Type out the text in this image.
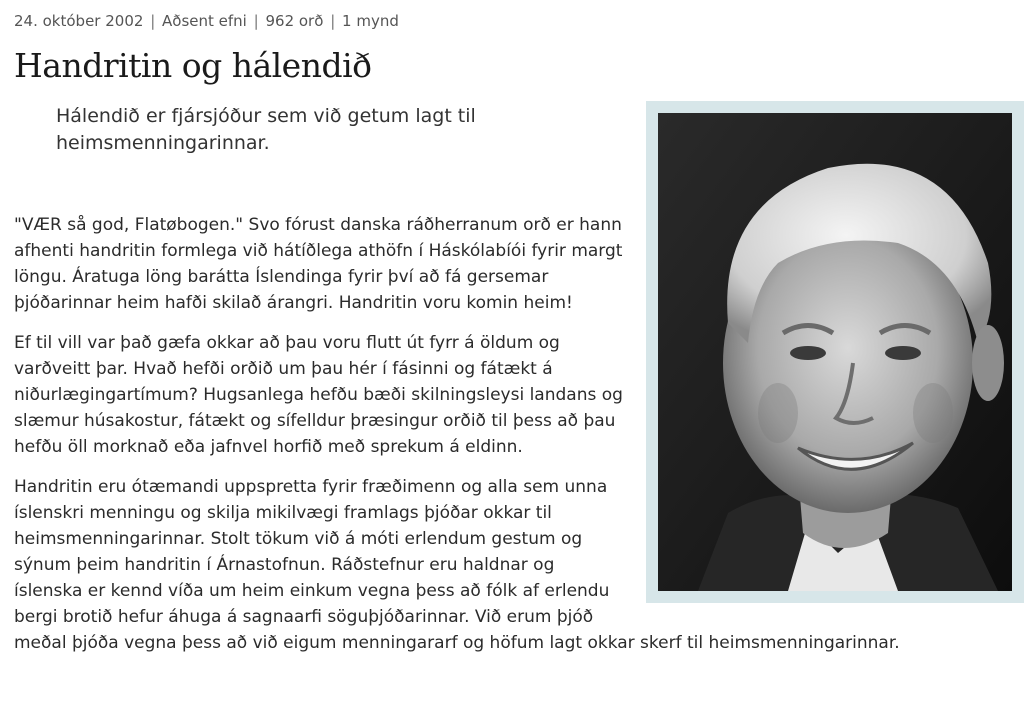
24. október 2002 | Aðsent efni | 962 orð | 1 mynd
Handritin og hálendið

Hálendið er fjársjóður sem við getum lagt til heimsmenningarinnar.

"VÆR så god, Flatøbogen." Svo fórust danska ráðherranum orð er hann afhenti handritin formlega við hátíðlega athöfn í Háskólabíói fyrir margt löngu. Áratuga löng barátta Íslendinga fyrir því að fá gersemar þjóðarinnar heim hafði skilað árangri. Handritin voru komin heim!

Ef til vill var það gæfa okkar að þau voru flutt út fyrr á öldum og varðveitt þar. Hvað hefði orðið um þau hér í fásinni og fátækt á niðurlægingartímum? Hugsanlega hefðu bæði skilningsleysi landans og slæmur húsakostur, fátækt og sífelldur þræsingur orðið til þess að þau hefðu öll morknað eða jafnvel horfið með sprekum á eldinn.

Handritin eru ótæmandi uppspretta fyrir fræðimenn og alla sem unna íslenskri menningu og skilja mikilvægi framlags þjóðar okkar til heimsmenningarinnar. Stolt tökum við á móti erlendum gestum og sýnum þeim handritin í Árnastofnun. Ráðstefnur eru haldnar og íslenska er kennd víða um heim einkum vegna þess að fólk af erlendu bergi brotið hefur áhuga á sagnaarfi söguþjóðarinnar. Við erum þjóð meðal þjóða vegna þess að við eigum menningararf og höfum lagt okkar skerf til heimsmenningarinnar.
